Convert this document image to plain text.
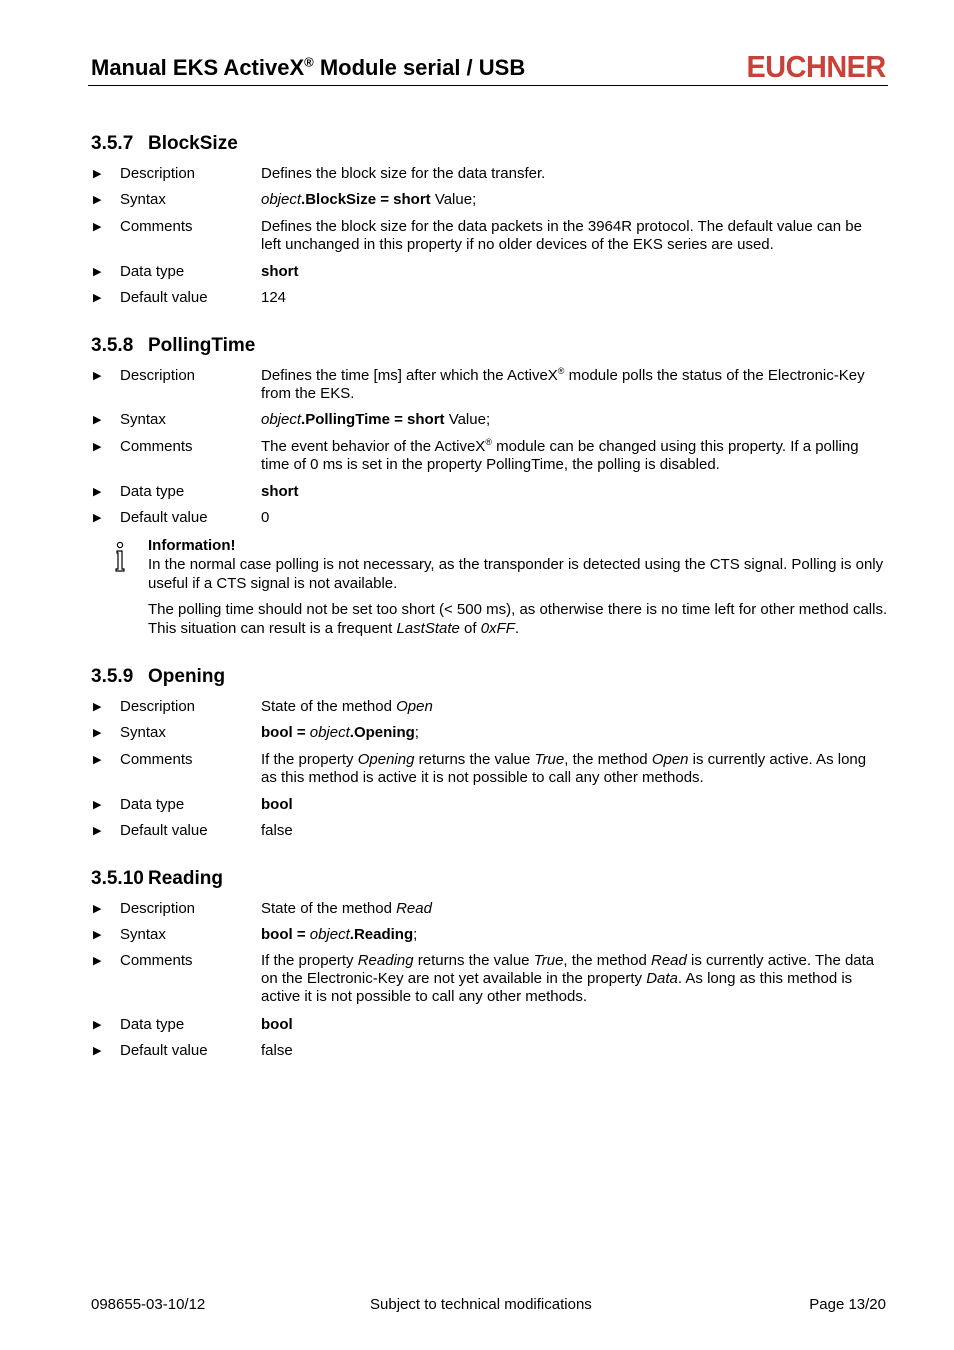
Manual EKS ActiveX® Module serial / USB	EUCHNER
3.5.7 BlockSize
▶ Description	Defines the block size for the data transfer.
▶ Syntax	object.BlockSize = short Value;
▶ Comments	Defines the block size for the data packets in the 3964R protocol. The default value can be left unchanged in this property if no older devices of the EKS series are used.
▶ Data type	short
▶ Default value	124
3.5.8 PollingTime
▶ Description	Defines the time [ms] after which the ActiveX® module polls the status of the Electronic-Key from the EKS.
▶ Syntax	object.PollingTime = short Value;
▶ Comments	The event behavior of the ActiveX® module can be changed using this property. If a polling time of 0 ms is set in the property PollingTime, the polling is disabled.
▶ Data type	short
▶ Default value	0
Information!
In the normal case polling is not necessary, as the transponder is detected using the CTS signal. Polling is only useful if a CTS signal is not available.
The polling time should not be set too short (< 500 ms), as otherwise there is no time left for other method calls. This situation can result is a frequent LastState of 0xFF.
3.5.9 Opening
▶ Description	State of the method Open
▶ Syntax	bool = object.Opening;
▶ Comments	If the property Opening returns the value True, the method Open is currently active. As long as this method is active it is not possible to call any other methods.
▶ Data type	bool
▶ Default value	false
3.5.10 Reading
▶ Description	State of the method Read
▶ Syntax	bool = object.Reading;
▶ Comments	If the property Reading returns the value True, the method Read is currently active. The data on the Electronic-Key are not yet available in the property Data. As long as this method is active it is not possible to call any other methods.
▶ Data type	bool
▶ Default value	false
098655-03-10/12	Subject to technical modifications	Page 13/20
